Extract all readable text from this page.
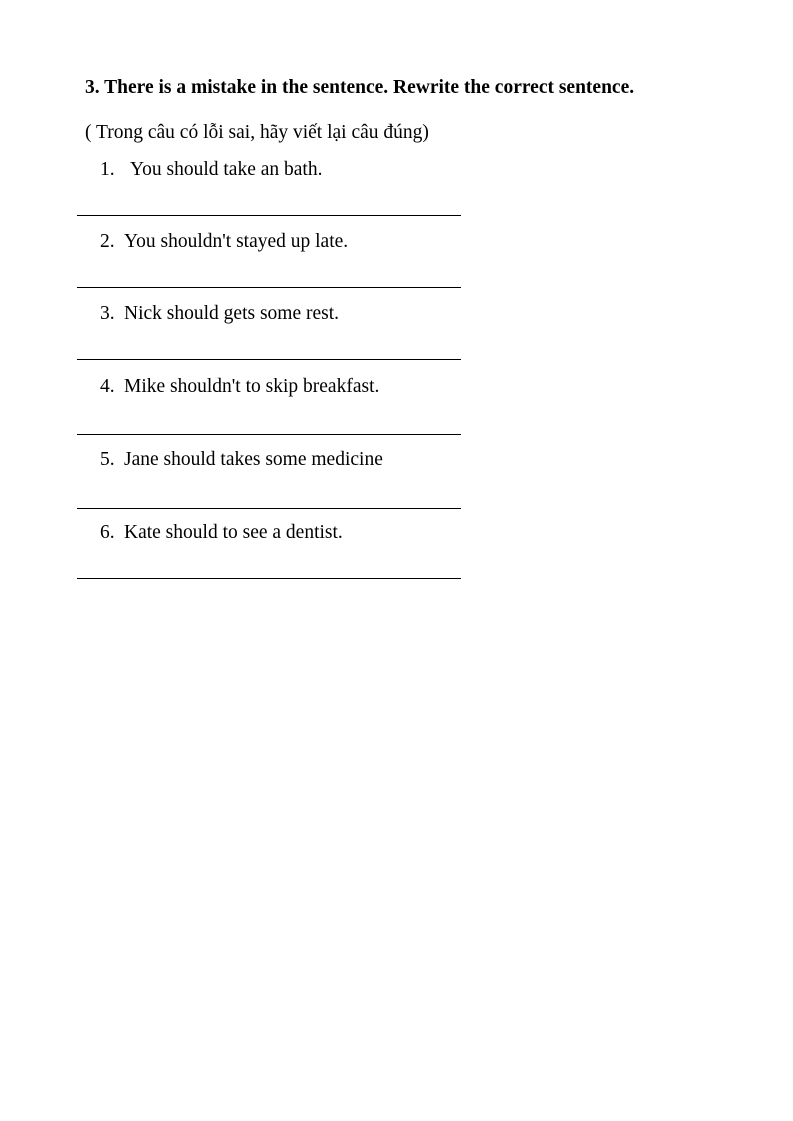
3. There is a mistake in the sentence. Rewrite the correct sentence.

( Trong câu có lỗi sai, hãy viết lại câu đúng)

1. You should take an bath.

2. You shouldn't stayed up late.

3. Nick should gets some rest.

4. Mike shouldn't to skip breakfast.

5. Jane should takes some medicine

6. Kate should to see a dentist.
